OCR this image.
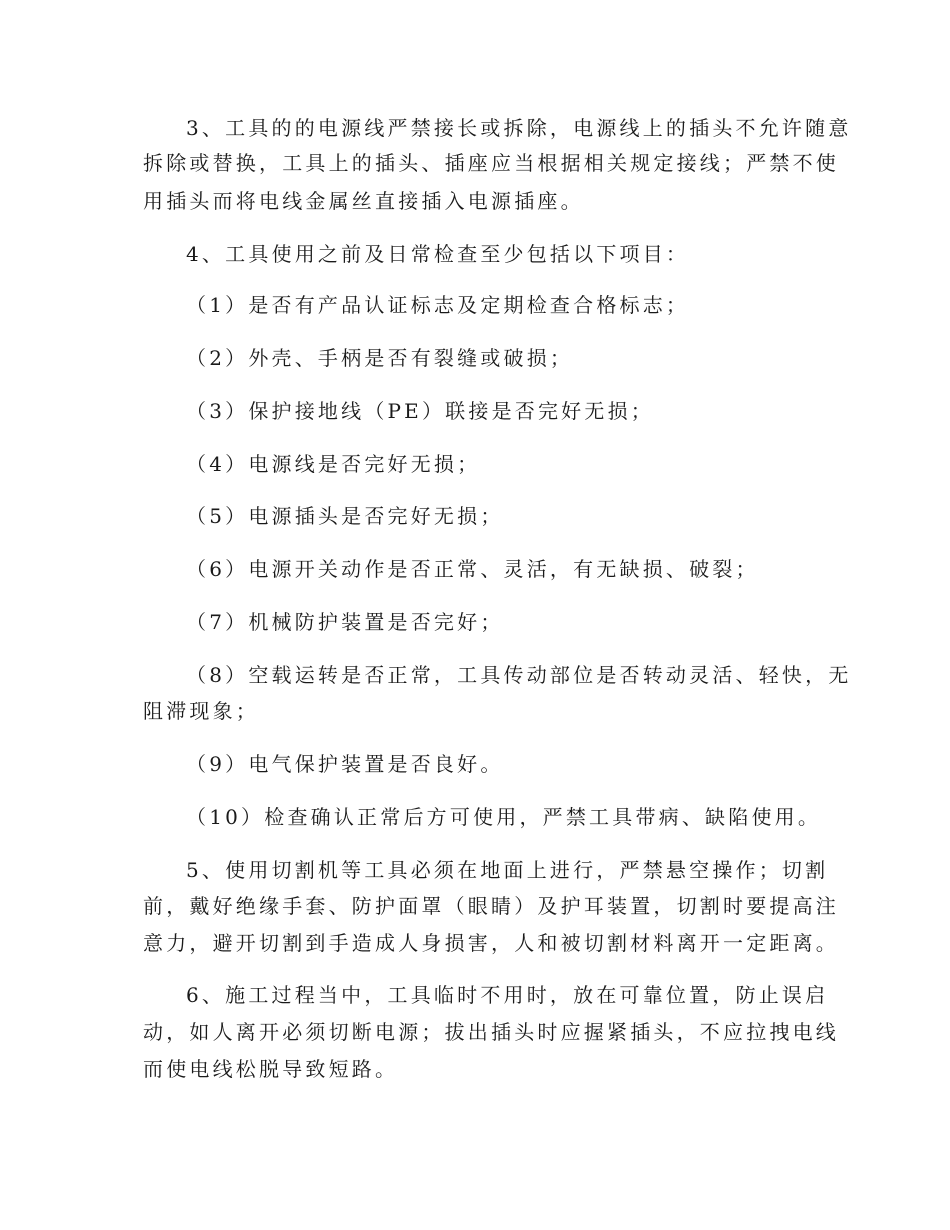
3、工具的的电源线严禁接长或拆除，电源线上的插头不允许随意
拆除或替换，工具上的插头、插座应当根据相关规定接线；严禁不使
用插头而将电线金属丝直接插入电源插座。
4、工具使用之前及日常检查至少包括以下项目：
（1）是否有产品认证标志及定期检查合格标志；
（2）外壳、手柄是否有裂缝或破损；
（3）保护接地线（PE）联接是否完好无损；
（4）电源线是否完好无损；
（5）电源插头是否完好无损；
（6）电源开关动作是否正常、灵活，有无缺损、破裂；
（7）机械防护装置是否完好；
（8）空载运转是否正常，工具传动部位是否转动灵活、轻快，无
阻滞现象；
（9）电气保护装置是否良好。
（10）检查确认正常后方可使用，严禁工具带病、缺陷使用。
5、使用切割机等工具必须在地面上进行，严禁悬空操作；切割
前，戴好绝缘手套、防护面罩（眼睛）及护耳装置，切割时要提高注
意力，避开切割到手造成人身损害，人和被切割材料离开一定距离。
6、施工过程当中，工具临时不用时，放在可靠位置，防止误启
动，如人离开必须切断电源；拔出插头时应握紧插头，不应拉拽电线
而使电线松脱导致短路。
